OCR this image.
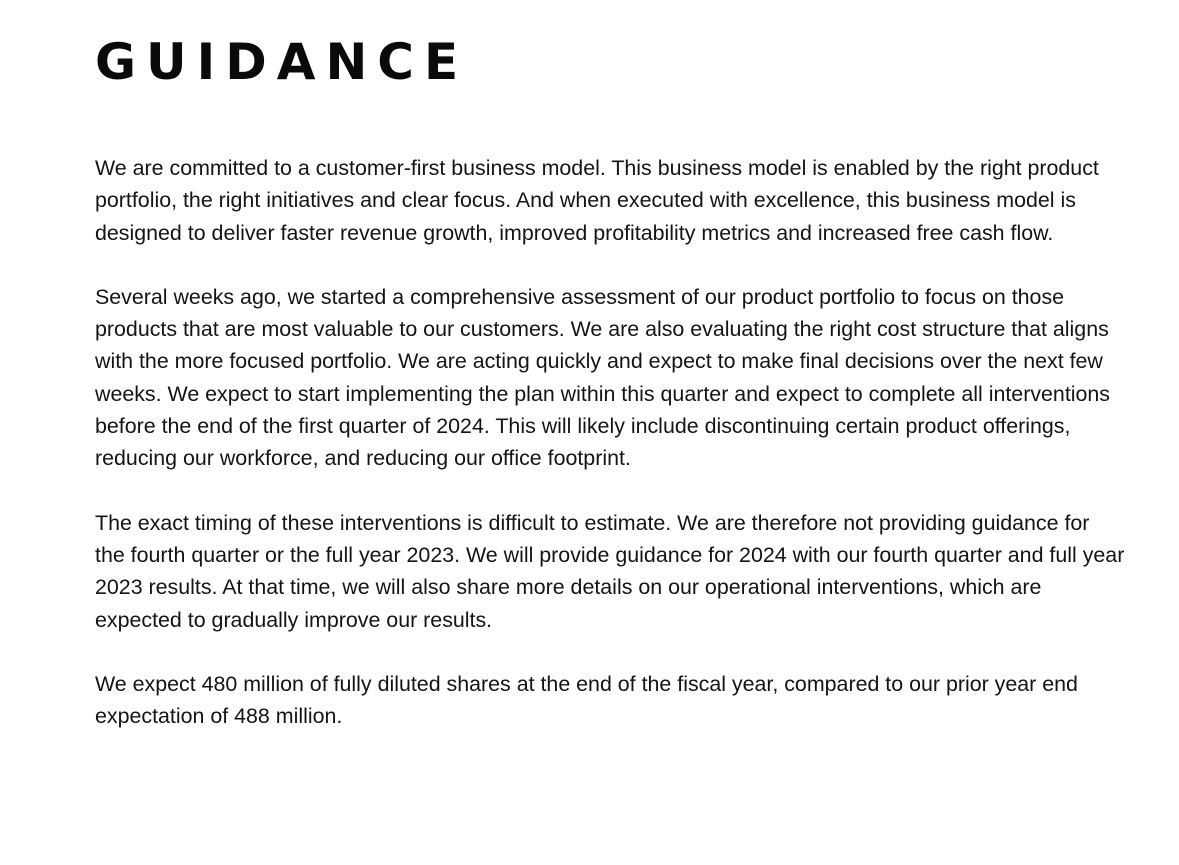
GUIDANCE

We are committed to a customer-first business model. This business model is enabled by the right product portfolio, the right initiatives and clear focus. And when executed with excellence, this business model is designed to deliver faster revenue growth, improved profitability metrics and increased free cash flow.

Several weeks ago, we started a comprehensive assessment of our product portfolio to focus on those products that are most valuable to our customers. We are also evaluating the right cost structure that aligns with the more focused portfolio. We are acting quickly and expect to make final decisions over the next few weeks. We expect to start implementing the plan within this quarter and expect to complete all interventions before the end of the first quarter of 2024. This will likely include discontinuing certain product offerings, reducing our workforce, and reducing our office footprint.

The exact timing of these interventions is difficult to estimate. We are therefore not providing guidance for the fourth quarter or the full year 2023. We will provide guidance for 2024 with our fourth quarter and full year 2023 results. At that time, we will also share more details on our operational interventions, which are expected to gradually improve our results.

We expect 480 million of fully diluted shares at the end of the fiscal year, compared to our prior year end expectation of 488 million.
